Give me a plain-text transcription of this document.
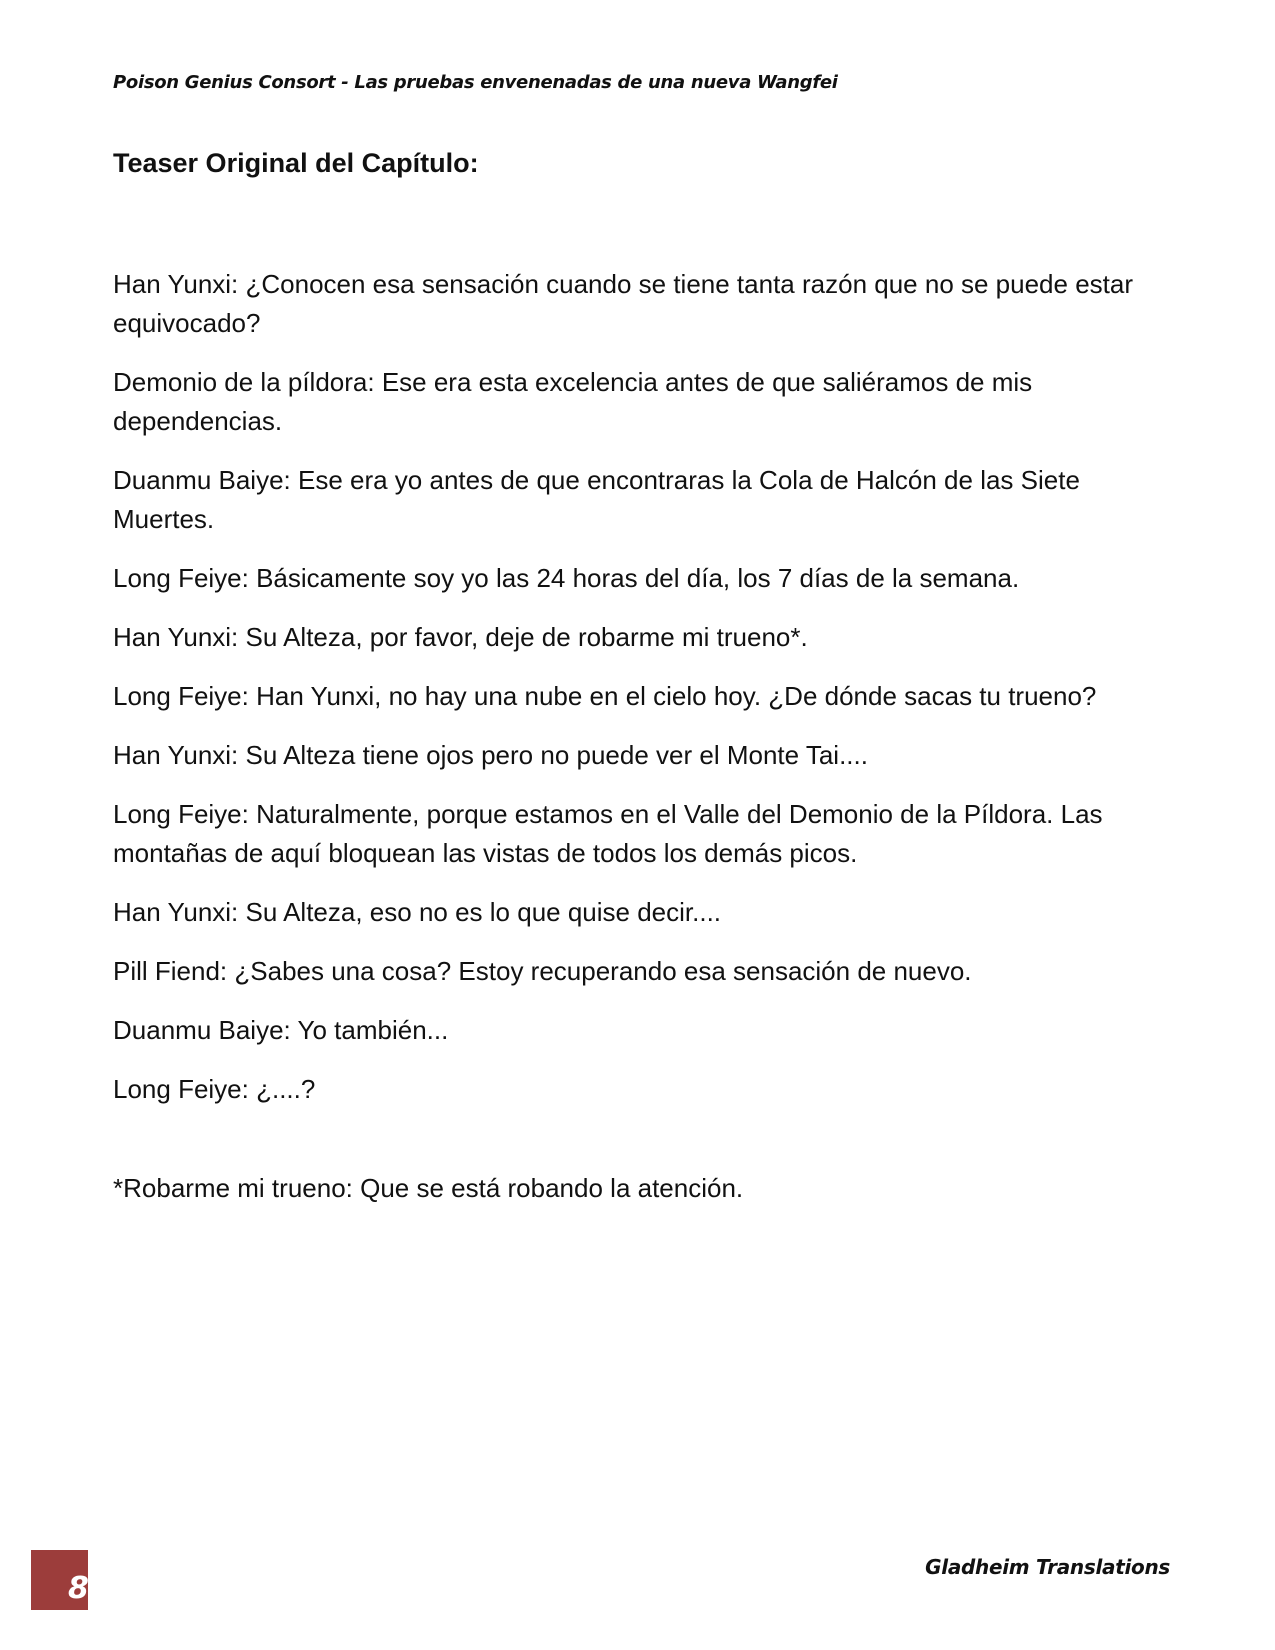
Poison Genius Consort - Las pruebas envenenadas de una nueva Wangfei
Teaser Original del Capítulo:

Han Yunxi: ¿Conocen esa sensación cuando se tiene tanta razón que no se puede estar equivocado?

Demonio de la píldora: Ese era esta excelencia antes de que saliéramos de mis dependencias.

Duanmu Baiye: Ese era yo antes de que encontraras la Cola de Halcón de las Siete Muertes.

Long Feiye: Básicamente soy yo las 24 horas del día, los 7 días de la semana.

Han Yunxi: Su Alteza, por favor, deje de robarme mi trueno*.

Long Feiye: Han Yunxi, no hay una nube en el cielo hoy. ¿De dónde sacas tu trueno?

Han Yunxi: Su Alteza tiene ojos pero no puede ver el Monte Tai....

Long Feiye: Naturalmente, porque estamos en el Valle del Demonio de la Píldora. Las montañas de aquí bloquean las vistas de todos los demás picos.

Han Yunxi: Su Alteza, eso no es lo que quise decir....

Pill Fiend: ¿Sabes una cosa? Estoy recuperando esa sensación de nuevo.

Duanmu Baiye: Yo también...

Long Feiye: ¿....?

*Robarme mi trueno: Que se está robando la atención.

8
Gladheim Translations
